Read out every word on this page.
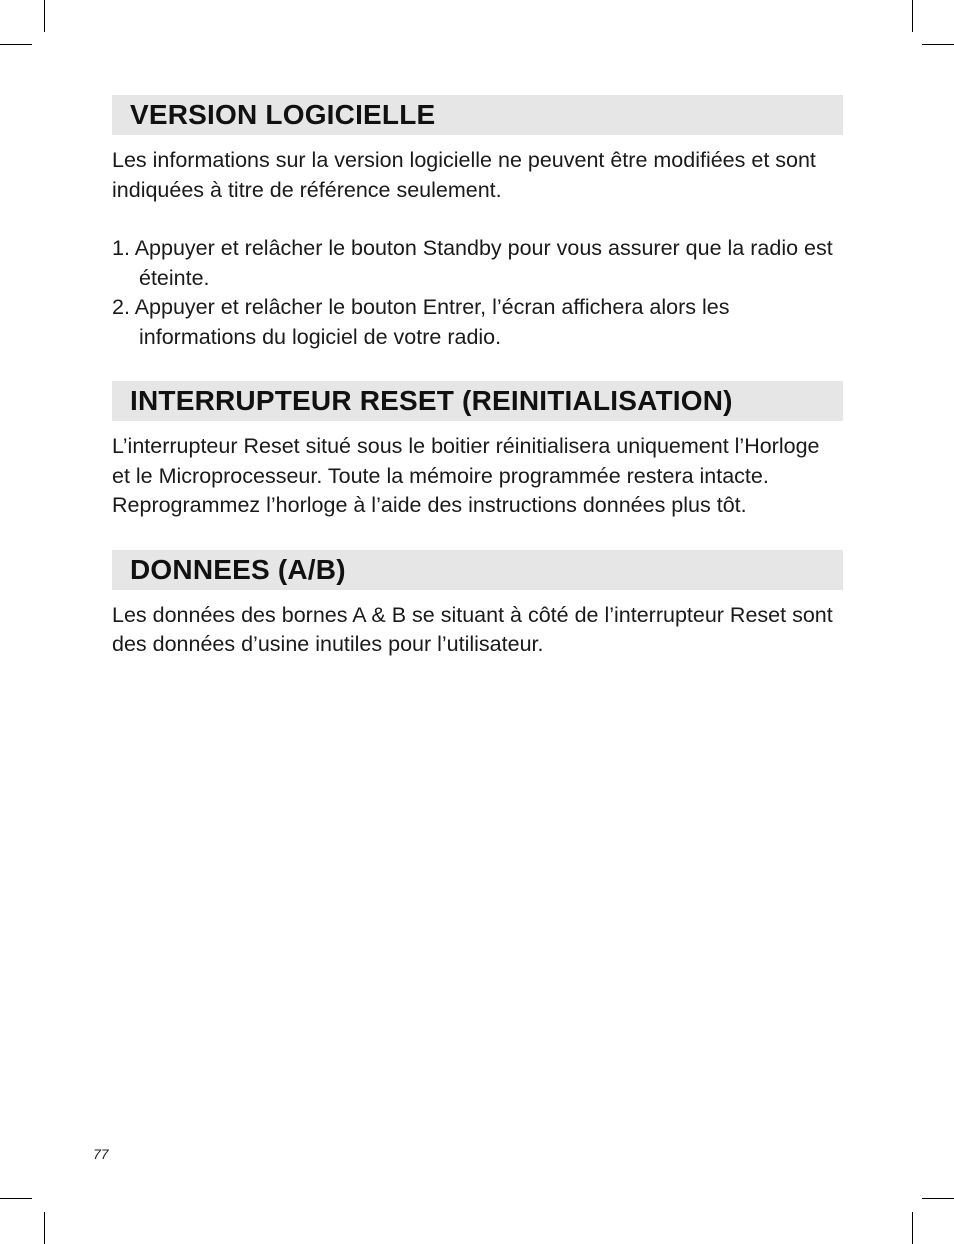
VERSION LOGICIELLE

Les informations sur la version logicielle ne peuvent être modifiées et sont indiquées à titre de référence seulement.

1. Appuyer et relâcher le bouton Standby pour vous assurer que la radio est éteinte.
2. Appuyer et relâcher le bouton Entrer, l’écran affichera alors les informations du logiciel de votre radio.
INTERRUPTEUR RESET (REINITIALISATION)

L’interrupteur Reset situé sous le boitier réinitialisera uniquement l’Horloge et le Microprocesseur. Toute la mémoire programmée restera intacte. Reprogrammez l’horloge à l’aide des instructions données plus tôt.

DONNEES (A/B)

Les données des bornes A & B se situant à côté de l’interrupteur Reset sont des données d’usine inutiles pour l’utilisateur.

77
